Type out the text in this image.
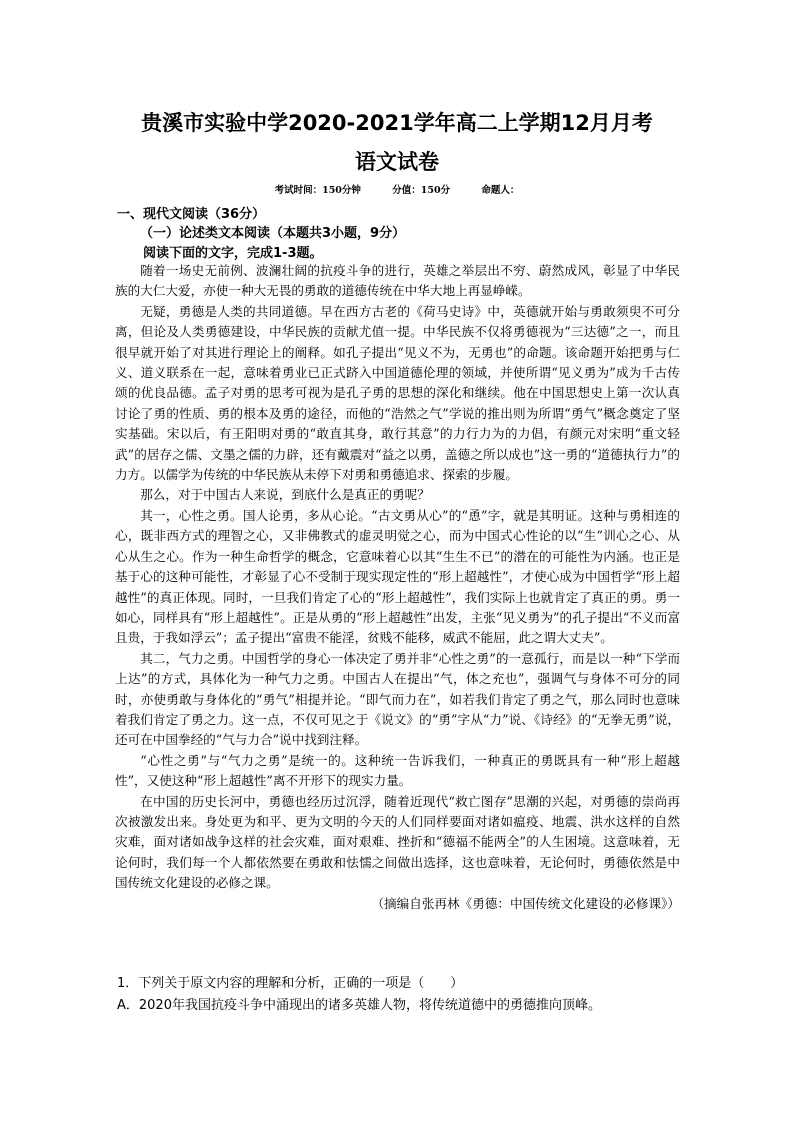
贵溪市实验中学2020-2021学年高二上学期12月月考
语文试卷
考试时间：150分钟	分值：150分	命题人：
一、现代文阅读（36分）
（一）论述类文本阅读（本题共3小题，9分）
阅读下面的文字，完成1-3题。

随着一场史无前例、波澜壮阔的抗疫斗争的进行，英雄之举层出不穷、蔚然成风，彰显了中华民族的大仁大爱，亦使一种大无畏的勇敢的道德传统在中华大地上再显峥嵘。

无疑，勇德是人类的共同道德。早在西方古老的《荷马史诗》中，英德就开始与勇敢须臾不可分离，但论及人类勇德建设，中华民族的贡献尤值一提。中华民族不仅将勇德视为“三达德”之一，而且很早就开始了对其进行理论上的阐释。如孔子提出“见义不为，无勇也”的命题。该命题开始把勇与仁义、道义联系在一起，意味着勇业已正式跻入中国道德伦理的领域，并使所谓“见义勇为”成为千古传颂的优良品德。孟子对勇的思考可视为是孔子勇的思想的深化和继续。他在中国思想史上第一次认真讨论了勇的性质、勇的根本及勇的途径，而他的“浩然之气”学说的推出则为所谓“勇气”概念奠定了坚实基础。宋以后，有王阳明对勇的“敢直其身，敢行其意”的力行力为的力倡，有颜元对宋明“重文轻武”的居存之儒、文墨之儒的力辟，还有戴震对“益之以勇，盖德之所以成也”这一勇的“道德执行力”的力方。以儒学为传统的中华民族从未停下对勇和勇德追求、探索的步履。

那么，对于中国古人来说，到底什么是真正的勇呢？

其一，心性之勇。国人论勇，多从心论。“古文勇从心”的“恿”字，就是其明证。这种与勇相连的心，既非西方式的理智之心，又非佛教式的虚灵明觉之心，而为中国式心性论的以“生”训心之心、从心从生之心。作为一种生命哲学的概念，它意味着心以其“生生不已”的潜在的可能性为内涵。也正是基于心的这种可能性，才彰显了心不受制于现实现定性的“形上超越性”，才使心成为中国哲学“形上超越性”的真正体现。同时，一旦我们肯定了心的“形上超越性”，我们实际上也就肯定了真正的勇。勇一如心，同样具有“形上超越性”。正是从勇的“形上超越性”出发，主张“见义勇为”的孔子提出“不义而富且贵，于我如浮云”；孟子提出“富贵不能淫，贫贱不能移，威武不能屈，此之谓大丈夫”。

其二，气力之勇。中国哲学的身心一体决定了勇并非“心性之勇”的一意孤行，而是以一种“下学而上达”的方式，具体化为一种气力之勇。中国古人在提出“气，体之充也”，强调气与身体不可分的同时，亦使勇敢与身体化的“勇气”相提并论。“即气而力在”，如若我们肯定了勇之气，那么同时也意味着我们肯定了勇之力。这一点，不仅可见之于《说文》的“勇”字从“力”说、《诗经》的“无拳无勇”说，还可在中国拳经的“气与力合”说中找到注释。

“心性之勇”与“气力之勇”是统一的。这种统一告诉我们，一种真正的勇既具有一种“形上超越性”，又使这种“形上超越性”离不开形下的现实力量。

在中国的历史长河中，勇德也经历过沉浮，随着近现代“救亡图存”思潮的兴起，对勇德的崇尚再次被激发出来。身处更为和平、更为文明的今天的人们同样要面对诸如瘟疫、地震、洪水这样的自然灾难，面对诸如战争这样的社会灾难，面对艰难、挫折和“德福不能两全”的人生困境。这意味着，无论何时，我们每一个人都依然要在勇敢和怯懦之间做出选择，这也意味着，无论何时，勇德依然是中国传统文化建设的必修之课。

（摘编自张再林《勇德：中国传统文化建设的必修课》）

1．下列关于原文内容的理解和分析，正确的一项是（　　）
A．2020年我国抗疫斗争中涌现出的诸多英雄人物，将传统道德中的勇德推向顶峰。
